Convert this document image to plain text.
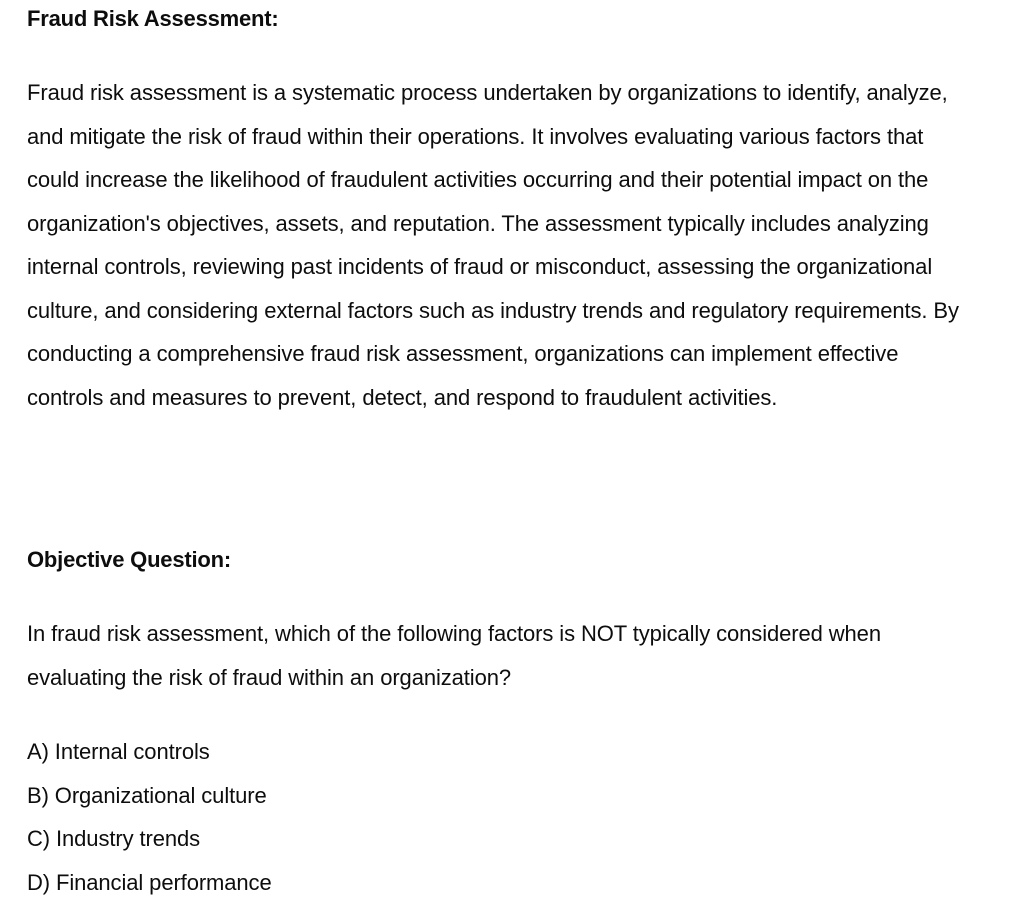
Fraud Risk Assessment:

Fraud risk assessment is a systematic process undertaken by organizations to identify, analyze, and mitigate the risk of fraud within their operations. It involves evaluating various factors that could increase the likelihood of fraudulent activities occurring and their potential impact on the organization's objectives, assets, and reputation. The assessment typically includes analyzing internal controls, reviewing past incidents of fraud or misconduct, assessing the organizational culture, and considering external factors such as industry trends and regulatory requirements. By conducting a comprehensive fraud risk assessment, organizations can implement effective controls and measures to prevent, detect, and respond to fraudulent activities.

Objective Question:

In fraud risk assessment, which of the following factors is NOT typically considered when evaluating the risk of fraud within an organization?

A) Internal controls
B) Organizational culture
C) Industry trends
D) Financial performance
